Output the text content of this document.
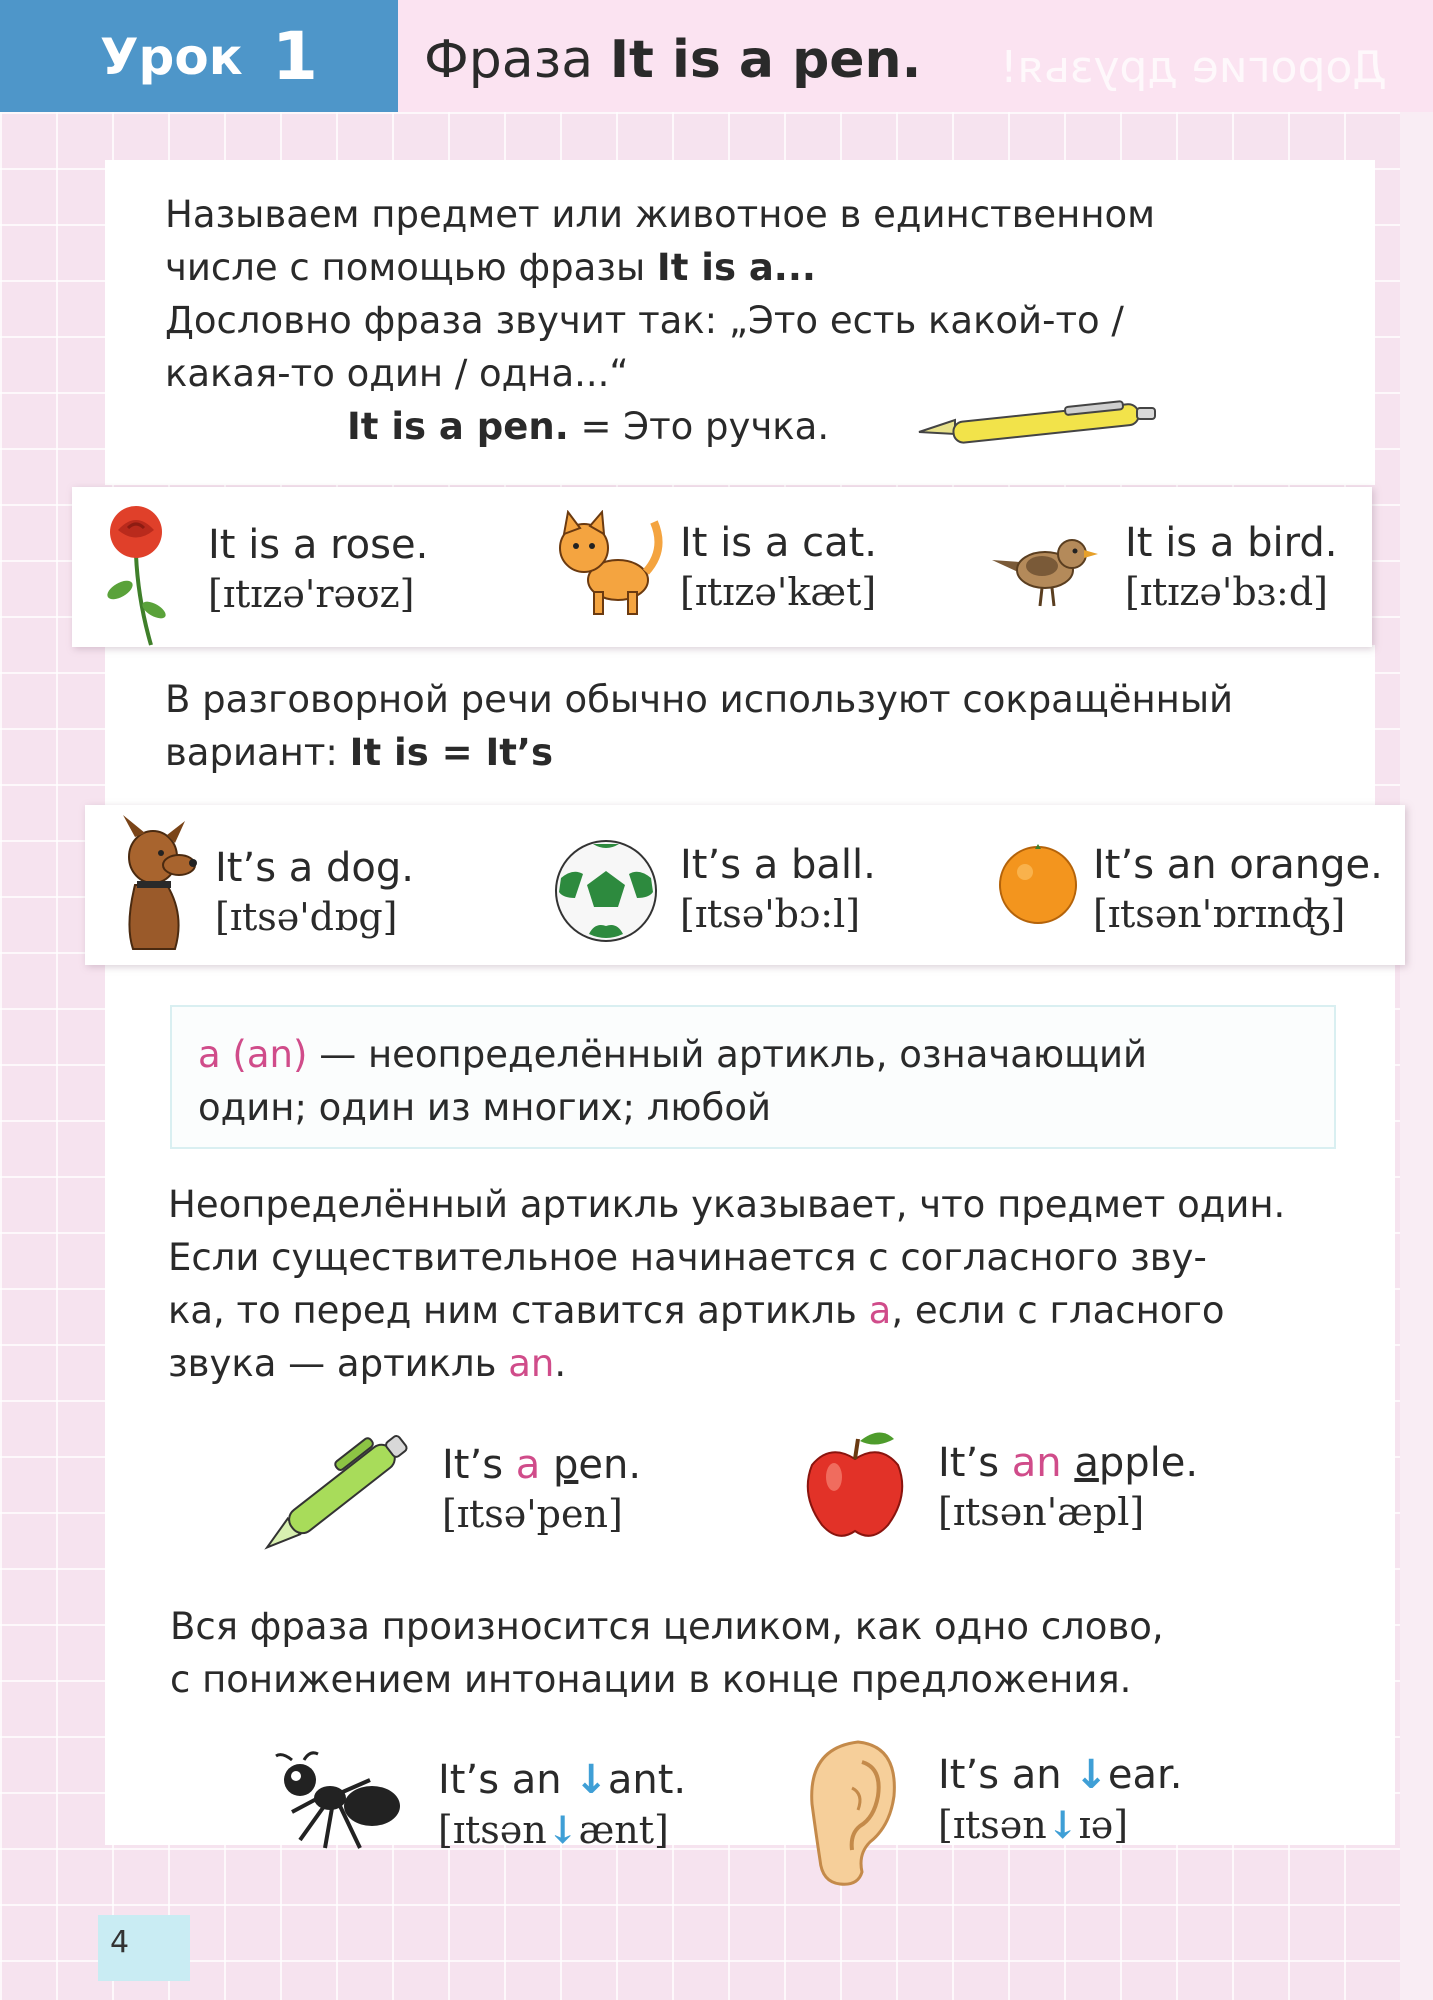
Дорогие друзья!
Урок 1 Фраза It is a pen.
Называем предмет или животное в единственном
числе с помощью фразы It is a...
Дословно фраза звучит так: „Это есть какой-то /
какая-то один / одна...“
It is a pen. = Это ручка.
It is a rose.
[ɪtɪzə'rəʊz]
It is a cat.
[ɪtɪzə'kæt]
It is a bird.
[ɪtɪzə'bɜ:d]
В разговорной речи обычно используют сокращённый
вариант: It is = It’s
It’s a dog.
[ɪtsə'dɒg]
It’s a ball.
[ɪtsə'bɔ:l]
It’s an orange.
[ɪtsən'ɒrɪnʤ]
a (an) — неопределённый артикль, означающий
один; один из многих; любой
Неопределённый артикль указывает, что предмет один.
Если существительное начинается с согласного зву-
ка, то перед ним ставится артикль a, если с гласного
звука — артикль an.
It’s a pen.
[ɪtsə'pen]
It’s an apple.
[ɪtsən'æpl]
Вся фраза произносится целиком, как одно слово,
с понижением интонации в конце предложения.
It’s an ↓ant.
[ɪtsən↓ænt]
It’s an ↓ear.
[ɪtsən↓ɪə]
4
